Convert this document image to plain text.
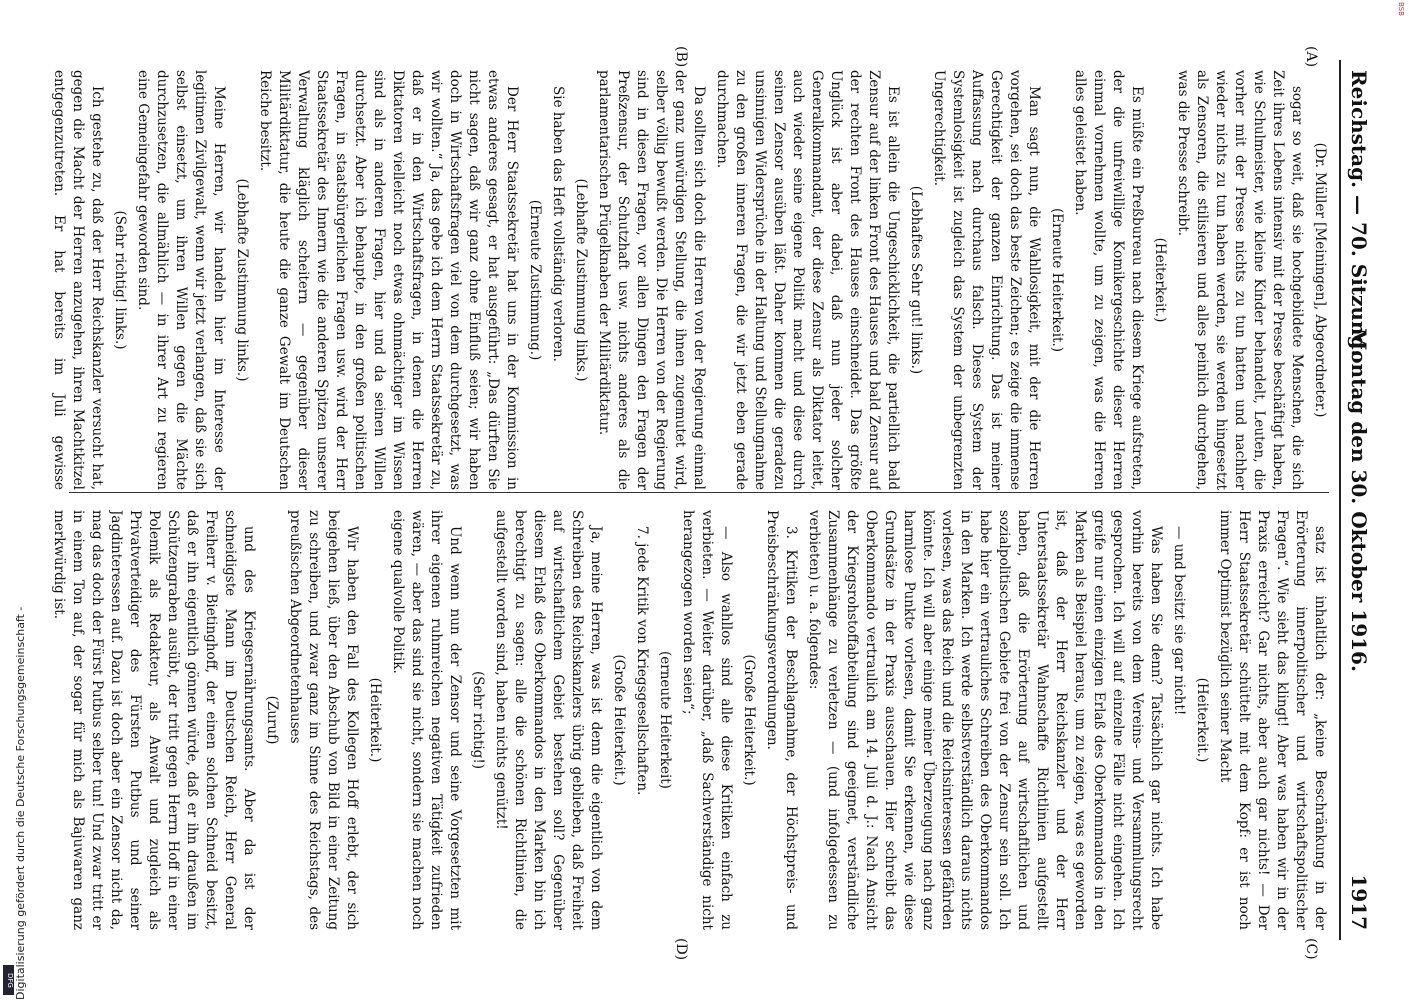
Reichstag. — 70. Sitzung.
Montag den 30. Oktober 1916.
1917
(A)
(B)
(C)
(D)

(Dr. Müller [Meiningen], Abgeordneter.)

sogar so weit, daß sie hochgebildete Menschen, die sich Zeit ihres Lebens intensiv mit der Presse beschäftigt haben, wie Schulmeister, wie kleine Kinder behandelt, Leuten, die vorher mit der Presse nichts zu tun hatten und nachher wieder nichts zu tun haben werden, sie werden hingesetzt als Zensoren, die stilisieren und alles peinlich durchgehen, was die Presse schreibt.

(Heiterkeit.)

Es müßte ein Preßbureau nach diesem Kriege aufstreten, der die unfreiwillige Komikergeschichte dieser Herren einmal vornehmen wollte, um zu zeigen, was die Herren alles geleistet haben.

(Erneute Heiterkeit.)

Man sagt nun, die Wahllosigkeit, mit der die Herren vorgehen, sei doch das beste Zeichen; es zeige die immense Gerechtigkeit der ganzen Einrichtung. Das ist meiner Auffassung nach durchaus falsch. Dieses System der Systemlosigkeit ist zugleich das System der unbegrenzten Ungerechtigkeit.

(Lebhaftes Sehr gut! links.)

Es ist allein die Ungeschicklichkeit, die partiellich bald Zensur auf der linken Front des Hauses und bald Zensur auf der rechten Front des Hauses einschneidet. Das größte Unglück ist aber dabei, daß nun jeder solcher Generalkommandant, der diese Zensur als Diktator leitet, auch wieder seine eigene Politik macht und diese durch seinen Zensor ausüben läßt. Daher kommen die geradezu unsinnigen Widersprüche in der Haltung und Stellungnahme zu den großen inneren Fragen, die wir jetzt eben gerade durchmachen.

Da sollten sich doch die Herren von der Regierung einmal der ganz unwürdigen Stellung, die ihnen zugemutet wird, selber völlig bewußt werden. Die Herren von der Regierung sind in diesen Fragen, vor allen Dingen den Fragen der Preßzensur, der Schutzhaft usw. nichts anderes als die parlamentarischen Prügelknaben der Militärdiktatur.

(Lebhafte Zustimmung links.)

Sie haben das Heft vollständig verloren.

(Erneute Zustimmung.)

Der Herr Staatssekretär hat uns in der Kommission in etwas anderes gesagt, er hat ausgeführt: „Das dürften Sie nicht sagen, daß wir ganz ohne Einfluß seien; wir haben doch in Wirtschaftsfragen viel von dem durchgesetzt, was wir wollten.“ Ja, das gebe ich dem Herrn Staatssekretär zu, daß er in den Wirtschaftsfragen, in denen die Herren Diktatoren vielleicht noch etwas ohnmächtiger im Wissen sind als in anderen Fragen, hier und da seinen Willen durchsetzt. Aber ich behaupte, in den großen politischen Fragen, in staatsbürgerlichen Fragen usw. wird der Herr Staatssekretär des Innern wie die anderen Spitzen unserer Verwaltung kläglich scheitern — gegenüber dieser Militärdiktatur, die heute die ganze Gewalt im Deutschen Reiche besitzt.

(Lebhafte Zustimmung links.)

Meine Herren, wir handeln hier im Interesse der legitimen Zivilgewalt, wenn wir jetzt verlangen, daß sie sich selbst einsetzt, um ihren Willen gegen die Mächte durchzusetzen, die allmählich — in ihrer Art zu regieren eine Gemeingefahr geworden sind.

(Sehr richtig! links.)

Ich gestehe zu, daß der Herr Reichskanzler versucht hat, gegen die Macht der Herren anzugehen, ihren Machtkitzel entgegenzutreten. Er hat bereits im Juli gewisse

satz ist inhaltlich der: „keine Beschränkung in der Erörterung innerpolitischer und wirtschaftspolitischer Fragen“. Wie sieht das klingt! Aber was haben wir in der Praxis erreicht? Gar nichts, aber auch gar nichts! — Der Herr Staatssekretär schüttelt mit dem Kopf: er ist noch immer Optimist bezüglich seiner Macht

(Heiterkeit.)

— und besitzt sie gar nicht!

Was haben Sie denn? Tatsächlich gar nichts. Ich habe vorhin bereits von dem Vereins- und Versammlungsrecht gesprochen. Ich will auf einzelne Fälle nicht eingehen. Ich greife nur einen einzigen Erlaß des Oberkommandos in den Marken als Beispiel heraus, um zu zeigen, was es geworden ist, daß der Herr Reichskanzler und der Herr Unterstaatssekretär Wahnschaffe Richtlinien aufgestellt haben, daß die Erörterung auf wirtschaftlichen und sozialpolitischen Gebiete frei von der Zensur sein soll. Ich habe hier ein vertrauliches Schreiben des Oberkommandos in den Marken. Ich werde selbstverständlich daraus nichts vorlesen, was das Reich und die Reichsinteressen gefährden könnte. Ich will aber einige meiner Überzeugung nach ganz harmlose Punkte vorlesen, damit Sie erkennen, wie diese Grundsätze in der Praxis ausschauen. Hier schreibt das Oberkommando vertraulich am 14. Juli d. J.: Nach Ansicht der Kriegsrohstoffabteilung sind geeignet, verständliche Zusammenhänge zu verletzen — (und infolgedessen zu verbieten) u. a. folgendes:

3. Kritiken der Beschlagnahme, der Höchstpreis- und Preisbeschränkungsverordnungen.

(Große Heiterkeit.)

— Also wahllos sind alle diese Kritiken einfach zu verbieten. — Weiter darüber, „daß Sachverständige nicht herangezogen worden seien“;

(erneute Heiterkeit)

7. jede Kritik von Kriegsgesellschaften.

(Große Heiterkeit.)

Ja, meine Herren, was ist denn die eigentlich von dem Schreiben des Reichskanzlers übrig geblieben, daß Freiheit auf wirtschaftlichem Gebiet bestehen soll? Gegenüber diesem Erlaß des Oberkommandos in den Marken bin ich berechtigt zu sagen: alle die schönen Richtlinien, die aufgestellt worden sind, haben nichts genützt!

(Sehr richtig!)

Und wenn nun der Zensor und seine Vorgesetzten mit ihrer eigenen ruhmreichen negativen Tätigkeit zufrieden wären, — aber das sind sie nicht, sondern sie machen noch eigene qualvolle Politik.

(Heiterkeit.)

Wir haben den Fall des Kollegen Hoff erlebt, der sich beigehen ließ, über den Abschub von Bild in einer Zeitung zu schreiben, und zwar ganz im Sinne des Reichstags, des preußischen Abgeordnetenhauses

(Zuruf)

und des Kriegsernährungsamts. Aber da ist der schneidigste Mann im Deutschen Reich, Herr General Freiherr v. Bietinghoff, der einen solchen Schneid besitzt, daß er ihn eigentlich gönnen würde, daß er ihn draußen im Schützengraben ausübt, der tritt gegen Herrn Hoff in einer Polemik als Redakteur, als Anwalt und zugleich als Privatverteidiger des Fürsten Putbus und seiner Jagdinteressen auf. Dazu ist doch aber ein Zensor nicht da, mag das doch der Fürst Putbus selber tun! Und zwar tritt er in einem Ton auf, der sogar für mich als Bajuwaren ganz merkwürdig ist.

Digitalisierung gefördert durch die Deutsche Forschungsgemeinschaft -
DFG
BSB
